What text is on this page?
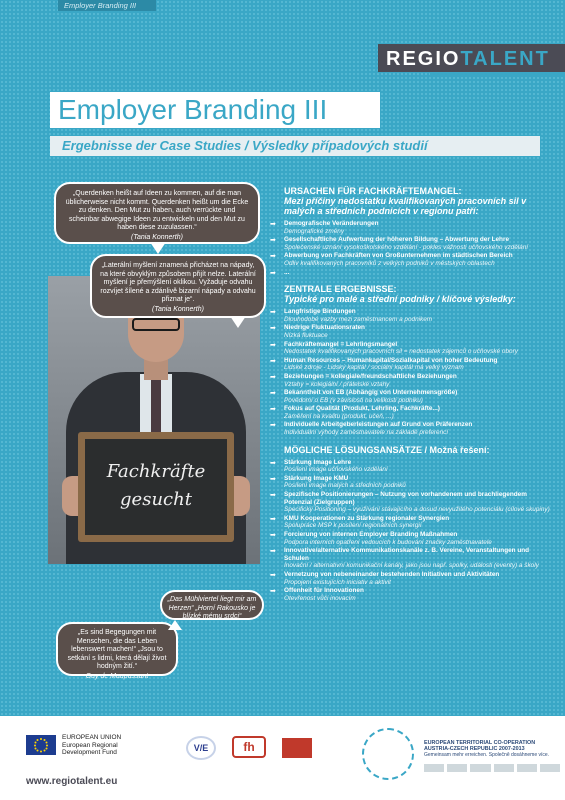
Employer Branding III
REGIOTALENT
Employer Branding III
Ergebnisse der Case Studies / Výsledky případových studií
Fachkräfte
gesucht
„Querdenken heißt auf Ideen zu kommen, auf die man üblicherweise nicht kommt. Querdenken heißt um die Ecke zu denken. Den Mut zu haben, auch verrückte und scheinbar abwegige Ideen zu entwickeln und den Mut zu haben diese zuzulassen.“
(Tania Konnerth)
„Laterální myšlení znamená přicházet na nápady, na které obvyklým způsobem přijít nelze. Laterální myšlení je přemýšlení oklikou. Vyžaduje odvahu rozvíjet šílené a zdánlivě bizarní nápady a odvahu přiznat je“.
(Tania Konnerth)
„Das Mühlviertel liegt mir am Herzen“ „Horní Rakousko je blízké mému srdci“
„Es sind Begegungen mit Menschen, die das Leben lebenswert machen!“ „Jsou to setkání s lidmi, která dělají život hodným žití.“
Guy de Maupassant
URSACHEN FÜR FACHKRÄFTEMANGEL:
Mezi příčiny nedostatku kvalifikovaných pracovních sil v malých a středních podnicích v regionu patří:
➡ Demografische Veränderungen
Demografické změny
➡ Gesellschaftliche Aufwertung der höheren Bildung – Abwertung der Lehre
Společenské uznání vysokoškolského vzdělání - pokles vážnosti učňovského vzdělání
➡ Abwerbung von Fachkräften von Großunternehmen im städtischen Bereich
Odliv kvalifikovaných pracovníků z velkých podniků v městských oblastech
➡ ...
ZENTRALE ERGEBNISSE:
Typické pro malé a střední podniky / klíčové výsledky:
➡ Langfristige Bindungen
Dlouhodobé vazby mezi zaměstnancem a podnikem
➡ Niedrige Fluktuationsraten
Nízká fluktuace
➡ Fachkräftemangel = Lehrlingsmangel
Nedostatek kvalifikovaných pracovních sil = nedostatek zájemců o učňovské obory
➡ Human Resources – Humankapital/Sozialkapital von hoher Bedeutung
Lidské zdroje - Lidský kapitál / sociální kapitál má velký význam
➡ Beziehungen = kollegiale/freundschaftliche Beziehungen
Vztahy = kolegiální / přátelské vztahy
➡ Bekanntheit von EB (Abhängig von Unternehmensgröße)
Povědomí o EB (v závislosti na velikosti podniku)
➡ Fokus auf Qualität (Produkt, Lehrling, Fachkräfte...)
Zaměření na kvalitu (produkt, učeň, ...)
➡ Individuelle Arbeitgeberleistungen auf Grund von Präferenzen
Individuální výhody zaměstnavatele na základě preferencí
MÖGLICHE LÖSUNGSANSÄTZE / Možná řešení:
➡ Stärkung Image Lehre
Posílení image učňovského vzdělání
➡ Stärkung Image KMU
Posílení image malých a středních podniků
➡ Spezifische Positionierungen – Nutzung von vorhandenem und brachliegendem Potenzial (Zielgruppen)
Specifický Positioning – využívání stávajícího a dosud nevyužitého potenciálu (cílové skupiny)
➡ KMU Kooperationen zu Stärkung regionaler Synergien
Spolupráce MSP k posílení regionálních synergií
➡ Forcierung von internen Employer Branding Maßnahmen
Podpora interních opatření vedoucích k budování značky zaměstnavatele
➡ Innovative/alternative Kommunikationskanäle z. B. Vereine, Veranstaltungen und Schulen
Inovační / alternativní komunikační kanály, jako jsou např. spolky, události (eventy) a školy
➡ Vernetzung von nebeneinander bestehenden Initiativen und Aktivitäten
Propojení existujících iniciativ a aktivit
➡ Offenheit für Innovationen
Otevřenost vůči inovacím
EUROPEAN UNION
European Regional
Development Fund	V/E	fh	EUROPEAN TERRITORIAL CO-OPERATION
AUSTRIA-CZECH REPUBLIC 2007-2013
Gemeinsam mehr erreichen. Společně dosáhneme více.
www.regiotalent.eu
